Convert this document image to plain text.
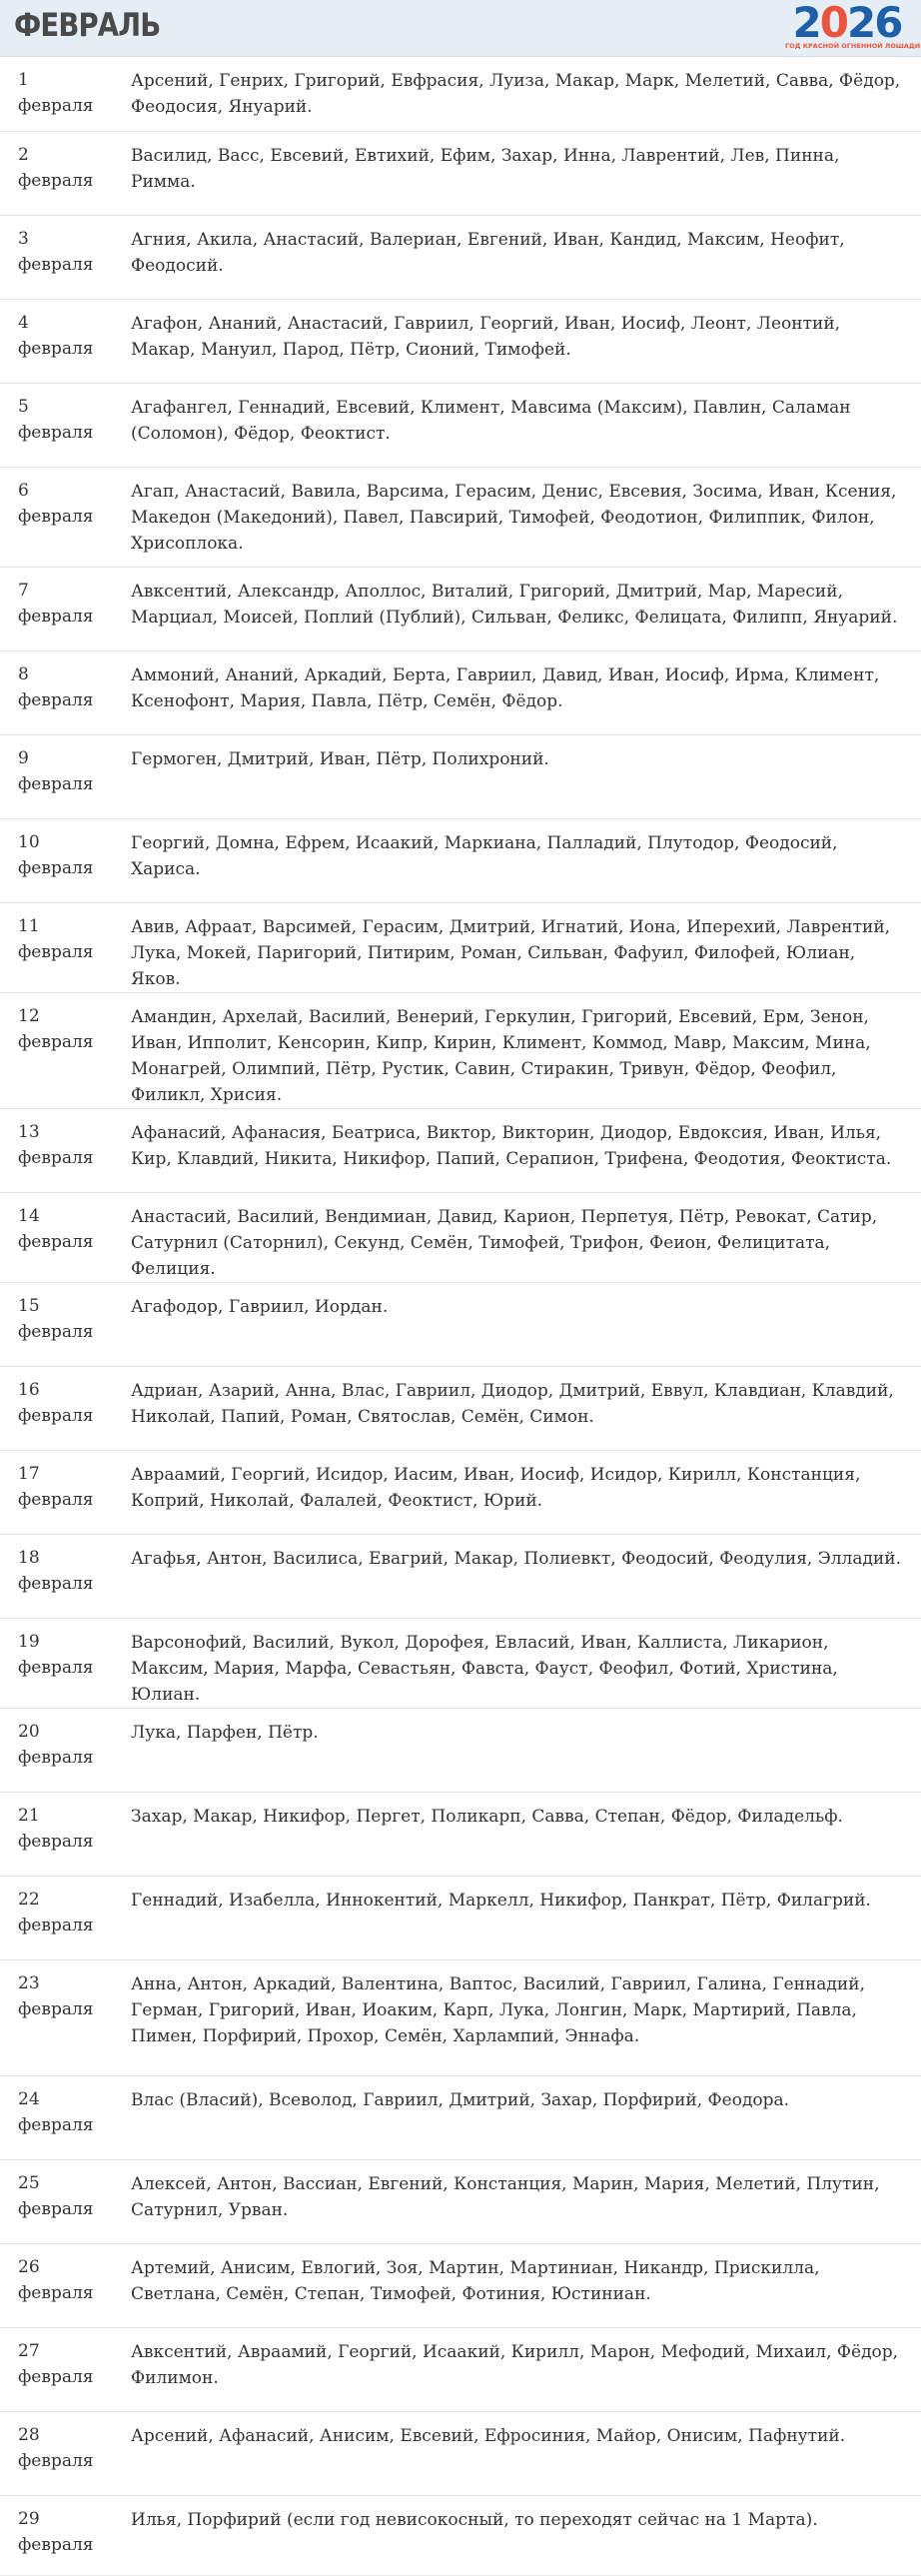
ФЕВРАЛЬ	2026
ГОД КРАСНОЙ ОГНЕННОЙ ЛОШАДИ
1
февраля	Арсений, Генрих, Григорий, Евфрасия, Луиза, Макар, Марк, Мелетий, Савва, Фёдор, Феодосия, Януарий.
2
февраля	Василид, Васс, Евсевий, Евтихий, Ефим, Захар, Инна, Лаврентий, Лев, Пинна, Римма.
3
февраля	Агния, Акила, Анастасий, Валериан, Евгений, Иван, Кандид, Максим, Неофит, Феодосий.
4
февраля	Агафон, Ананий, Анастасий, Гавриил, Георгий, Иван, Иосиф, Леонт, Леонтий, Макар, Мануил, Парод, Пётр, Сионий, Тимофей.
5
февраля	Агафангел, Геннадий, Евсевий, Климент, Мавсима (Максим), Павлин, Саламан (Соломон), Фёдор, Феоктист.
6
февраля	Агап, Анастасий, Вавила, Варсима, Герасим, Денис, Евсевия, Зосима, Иван, Ксения, Македон (Македоний), Павел, Павсирий, Тимофей, Феодотион, Филиппик, Филон, Хрисоплока.
7
февраля	Авксентий, Александр, Аполлос, Виталий, Григорий, Дмитрий, Мар, Маресий, Марциал, Моисей, Поплий (Публий), Сильван, Феликс, Фелицата, Филипп, Януарий.
8
февраля	Аммоний, Ананий, Аркадий, Берта, Гавриил, Давид, Иван, Иосиф, Ирма, Климент, Ксенофонт, Мария, Павла, Пётр, Семён, Фёдор.
9
февраля	Гермоген, Дмитрий, Иван, Пётр, Полихроний.
10
февраля	Георгий, Домна, Ефрем, Исаакий, Маркиана, Палладий, Плутодор, Феодосий, Хариса.
11
февраля	Авив, Афраат, Варсимей, Герасим, Дмитрий, Игнатий, Иона, Иперехий, Лаврентий, Лука, Мокей, Паригорий, Питирим, Роман, Сильван, Фафуил, Филофей, Юлиан, Яков.
12
февраля	Амандин, Архелай, Василий, Венерий, Геркулин, Григорий, Евсевий, Ерм, Зенон, Иван, Ипполит, Кенсорин, Кипр, Кирин, Климент, Коммод, Мавр, Максим, Мина, Монагрей, Олимпий, Пётр, Рустик, Савин, Стиракин, Тривун, Фёдор, Феофил, Филикл, Хрисия.
13
февраля	Афанасий, Афанасия, Беатриса, Виктор, Викторин, Диодор, Евдоксия, Иван, Илья, Кир, Клавдий, Никита, Никифор, Папий, Серапион, Трифена, Феодотия, Феоктиста.
14
февраля	Анастасий, Василий, Вендимиан, Давид, Карион, Перпетуя, Пётр, Ревокат, Сатир, Сатурнил (Саторнил), Секунд, Семён, Тимофей, Трифон, Феион, Фелицитата, Фелиция.
15
февраля	Агафодор, Гавриил, Иордан.
16
февраля	Адриан, Азарий, Анна, Влас, Гавриил, Диодор, Дмитрий, Еввул, Клавдиан, Клавдий, Николай, Папий, Роман, Святослав, Семён, Симон.
17
февраля	Авраамий, Георгий, Исидор, Иасим, Иван, Иосиф, Исидор, Кирилл, Констанция, Коприй, Николай, Фалалей, Феоктист, Юрий.
18
февраля	Агафья, Антон, Василиса, Евагрий, Макар, Полиевкт, Феодосий, Феодулия, Элладий.
19
февраля	Варсонофий, Василий, Вукол, Дорофея, Евласий, Иван, Каллиста, Ликарион, Максим, Мария, Марфа, Севастьян, Фавста, Фауст, Феофил, Фотий, Христина, Юлиан.
20
февраля	Лука, Парфен, Пётр.
21
февраля	Захар, Макар, Никифор, Пергет, Поликарп, Савва, Степан, Фёдор, Филадельф.
22
февраля	Геннадий, Изабелла, Иннокентий, Маркелл, Никифор, Панкрат, Пётр, Филагрий.
23
февраля	Анна, Антон, Аркадий, Валентина, Ваптос, Василий, Гавриил, Галина, Геннадий, Герман, Григорий, Иван, Иоаким, Карп, Лука, Лонгин, Марк, Мартирий, Павла, Пимен, Порфирий, Прохор, Семён, Харлампий, Эннафа.
24
февраля	Влас (Власий), Всеволод, Гавриил, Дмитрий, Захар, Порфирий, Феодора.
25
февраля	Алексей, Антон, Вассиан, Евгений, Констанция, Марин, Мария, Мелетий, Плутин, Сатурнил, Урван.
26
февраля	Артемий, Анисим, Евлогий, Зоя, Мартин, Мартиниан, Никандр, Прискилла, Светлана, Семён, Степан, Тимофей, Фотиния, Юстиниан.
27
февраля	Авксентий, Авраамий, Георгий, Исаакий, Кирилл, Марон, Мефодий, Михаил, Фёдор, Филимон.
28
февраля	Арсений, Афанасий, Анисим, Евсевий, Ефросиния, Майор, Онисим, Пафнутий.
29
февраля	Илья, Порфирий (если год невисокосный, то переходят сейчас на 1 Марта).
